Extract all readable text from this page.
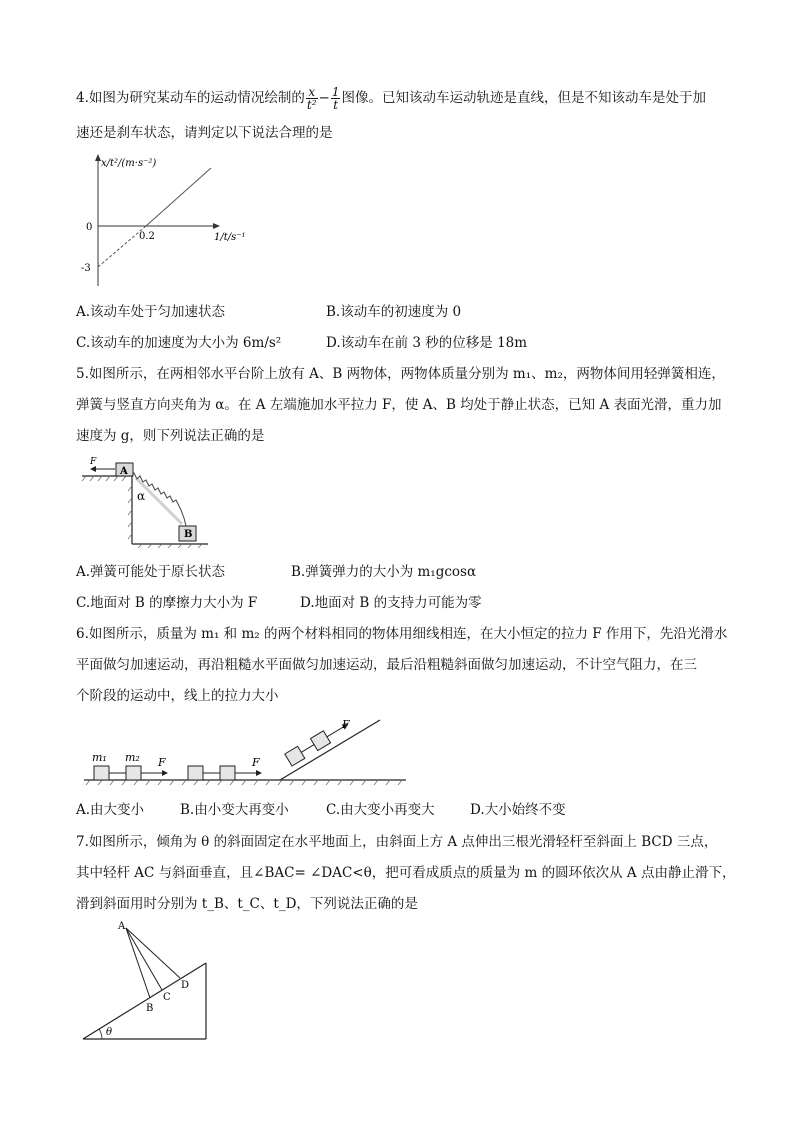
4.如图为研究某动车的运动情况绘制的 $\frac{x}{\text{t²}} - \frac{1}{t}$ 图像。已知该动车运动轨迹是直线，但是不知该动车是处于加
速还是刹车状态，请判定以下说法合理的是
x/t²/(m·s⁻²)
1/t/s⁻¹
0
0.2
-3
A.该动车处于匀加速状态	B.该动车的初速度为 0
C.该动车的加速度为大小为 6m/s²	D.该动车在前 3 秒的位移是 18m
5.如图所示，在两相邻水平台阶上放有 A、B 两物体，两物体质量分别为 m₁、m₂，两物体间用轻弹簧相连，
弹簧与竖直方向夹角为 α。在 A 左端施加水平拉力 F，使 A、B 均处于静止状态，已知 A 表面光滑，重力加
速度为 g，则下列说法正确的是
A
B
F
α
A.弹簧可能处于原长状态	B.弹簧弹力的大小为 m₁gcosα
C.地面对 B 的摩擦力大小为 F	D.地面对 B 的支持力可能为零
6.如图所示，质量为 m₁ 和 m₂ 的两个材料相同的物体用细线相连，在大小恒定的拉力 F 作用下，先沿光滑水
平面做匀加速运动，再沿粗糙水平面做匀加速运动，最后沿粗糙斜面做匀加速运动，不计空气阻力，在三
个阶段的运动中，线上的拉力大小
m₁ m₂ F	F
F
A.由大变小	B.由小变大再变小	C.由大变小再变大	D.大小始终不变
7.如图所示，倾角为 θ 的斜面固定在水平地面上，由斜面上方 A 点伸出三根光滑轻杆至斜面上 BCD 三点，
其中轻杆 AC 与斜面垂直，且∠BAC= ∠DAC<θ，把可看成质点的质量为 m 的圆环依次从 A 点由静止滑下，
滑到斜面用时分别为 t_B、t_C、t_D，下列说法正确的是
θ
A
B
C
D
